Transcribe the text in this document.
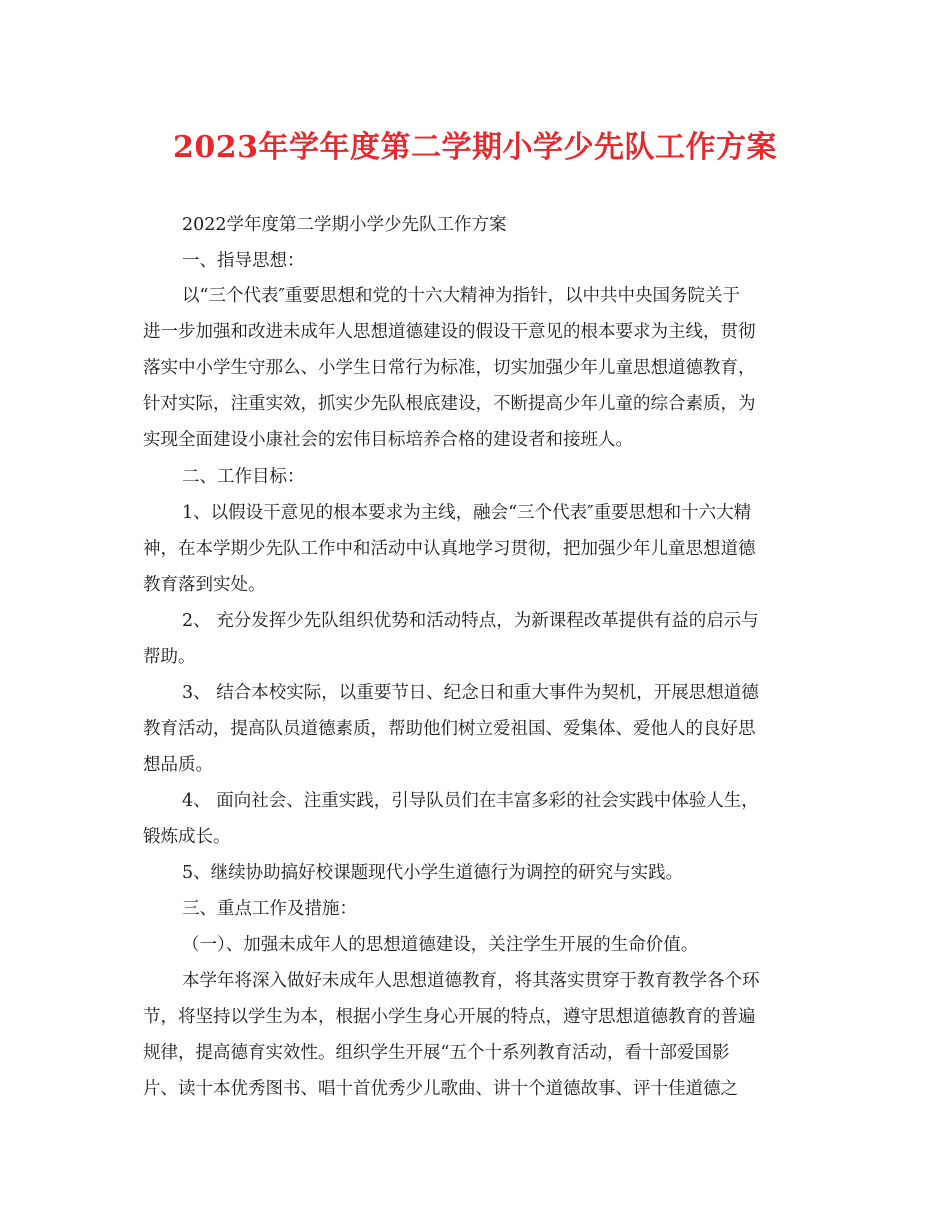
2023年学年度第二学期小学少先队工作方案
2022学年度第二学期小学少先队工作方案
一、指导思想：
以“三个代表″重要思想和党的十六大精神为指针，以中共中央国务院关于
进一步加强和改进未成年人思想道德建设的假设干意见的根本要求为主线，贯彻
落实中小学生守那么、小学生日常行为标准，切实加强少年儿童思想道德教育，
针对实际，注重实效，抓实少先队根底建设，不断提高少年儿童的综合素质，为
实现全面建设小康社会的宏伟目标培养合格的建设者和接班人。
二、工作目标：
1、以假设干意见的根本要求为主线，融会“三个代表″重要思想和十六大精
神，在本学期少先队工作中和活动中认真地学习贯彻，把加强少年儿童思想道德
教育落到实处。
2、 充分发挥少先队组织优势和活动特点，为新课程改革提供有益的启示与
帮助。
3、 结合本校实际，以重要节日、纪念日和重大事件为契机，开展思想道德
教育活动，提高队员道德素质，帮助他们树立爱祖国、爱集体、爱他人的良好思
想品质。
4、 面向社会、注重实践，引导队员们在丰富多彩的社会实践中体验人生，
锻炼成长。
5、继续协助搞好校课题现代小学生道德行为调控的研究与实践。
三、重点工作及措施：
（一）、加强未成年人的思想道德建设，关注学生开展的生命价值。
本学年将深入做好未成年人思想道德教育，将其落实贯穿于教育教学各个环
节，将坚持以学生为本，根据小学生身心开展的特点，遵守思想道德教育的普遍
规律，提高德育实效性。组织学生开展“五个十系列教育活动，看十部爱国影
片、读十本优秀图书、唱十首优秀少儿歌曲、讲十个道德故事、评十佳道德之
